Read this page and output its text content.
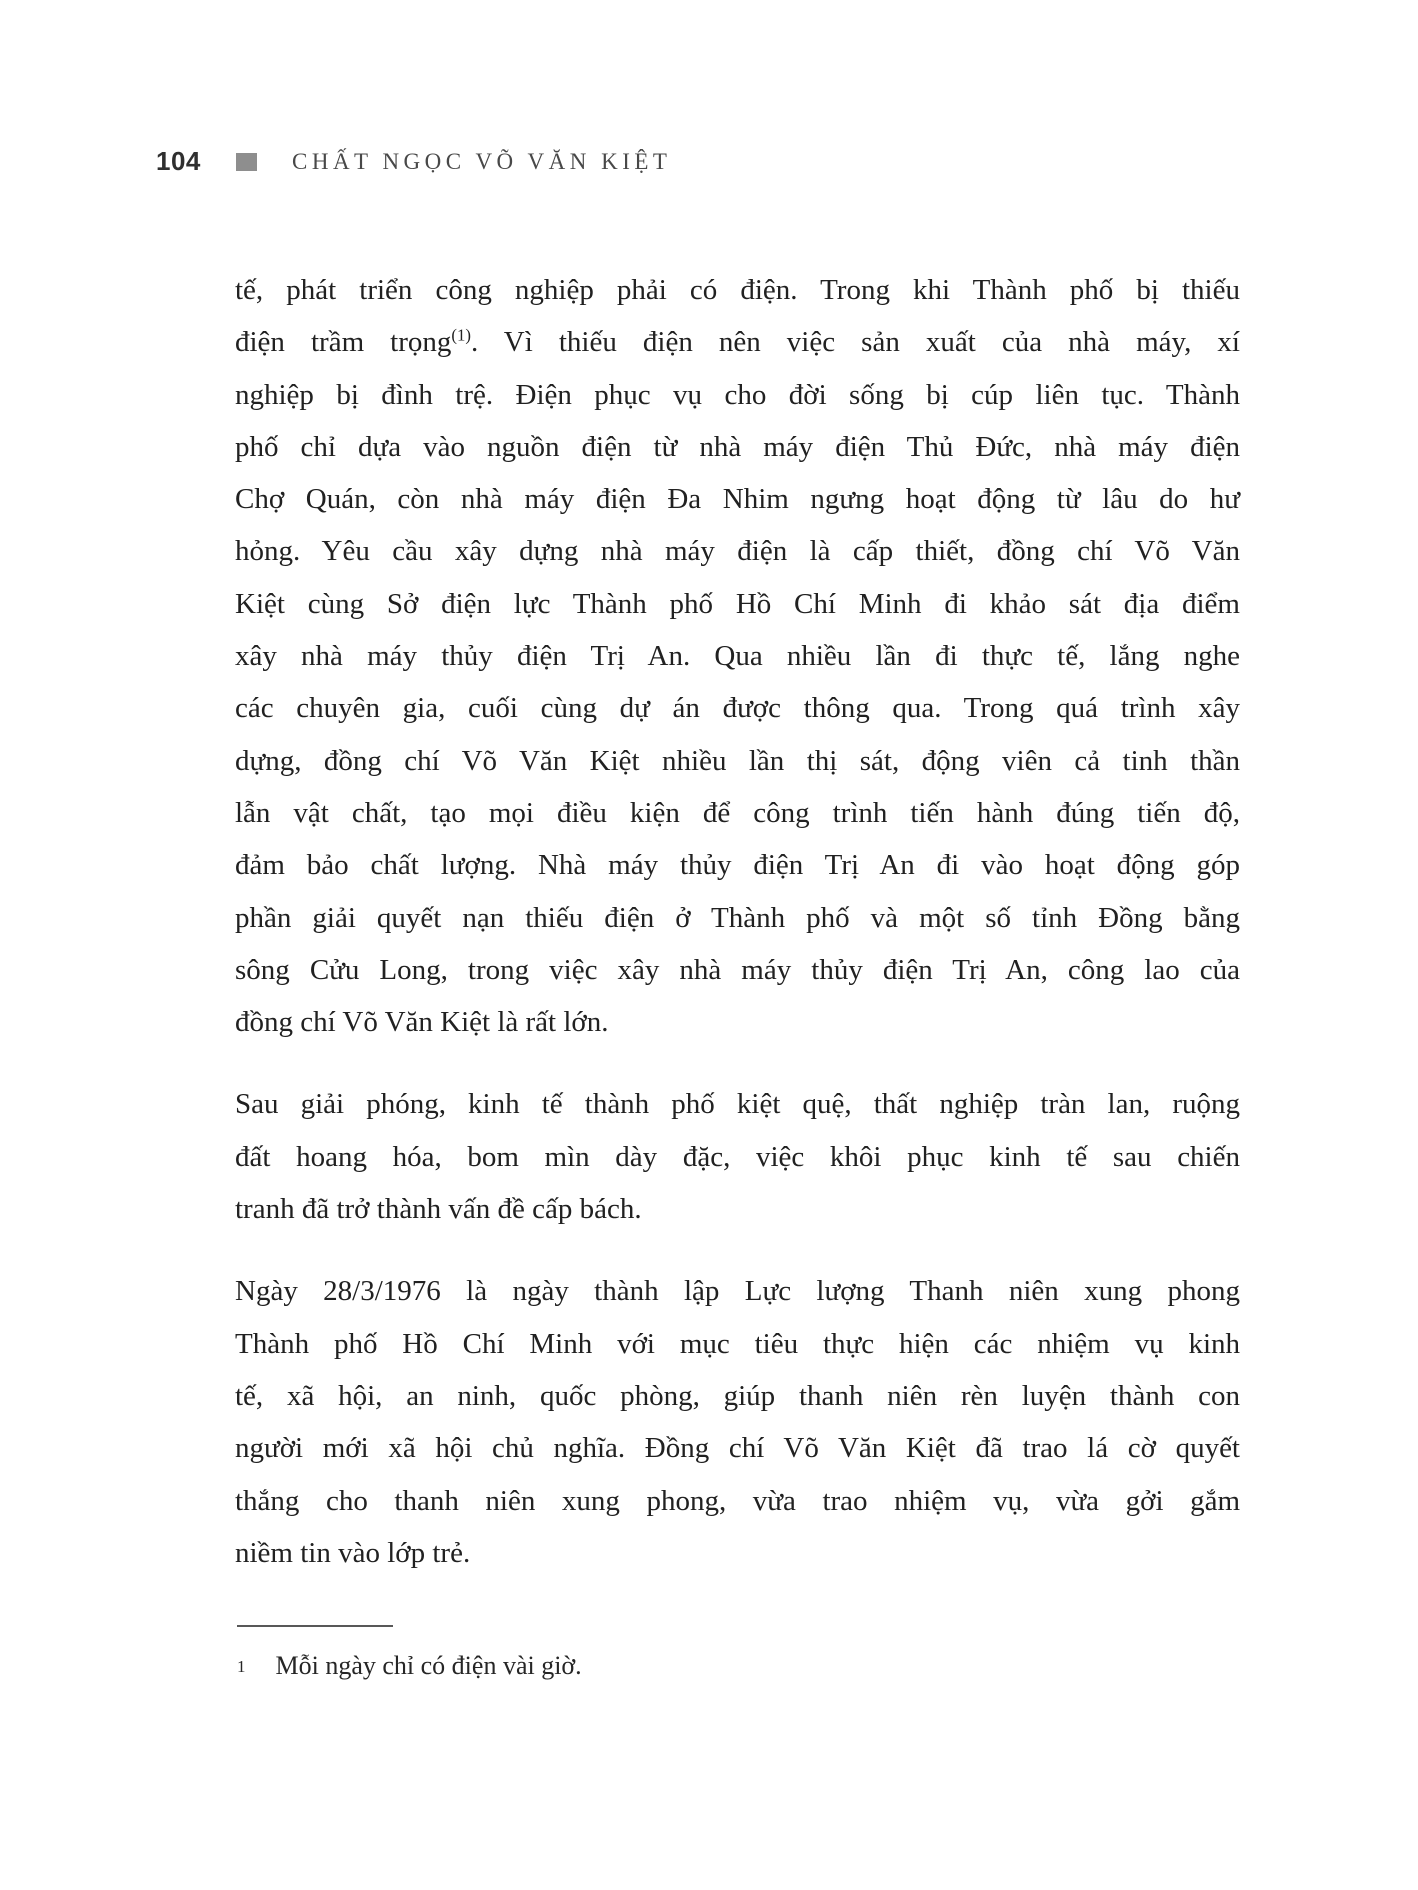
104	CHẤT NGỌC VÕ VĂN KIỆT
tế, phát triển công nghiệp phải có điện. Trong khi Thành phố bị thiếu
điện trầm trọng$^{(1)}$. Vì thiếu điện nên việc sản xuất của nhà máy, xí
nghiệp bị đình trệ. Điện phục vụ cho đời sống bị cúp liên tục. Thành
phố chỉ dựa vào nguồn điện từ nhà máy điện Thủ Đức, nhà máy điện
Chợ Quán, còn nhà máy điện Đa Nhim ngưng hoạt động từ lâu do hư
hỏng. Yêu cầu xây dựng nhà máy điện là cấp thiết, đồng chí Võ Văn
Kiệt cùng Sở điện lực Thành phố Hồ Chí Minh đi khảo sát địa điểm
xây nhà máy thủy điện Trị An. Qua nhiều lần đi thực tế, lắng nghe
các chuyên gia, cuối cùng dự án được thông qua. Trong quá trình xây
dựng, đồng chí Võ Văn Kiệt nhiều lần thị sát, động viên cả tinh thần
lẫn vật chất, tạo mọi điều kiện để công trình tiến hành đúng tiến độ,
đảm bảo chất lượng. Nhà máy thủy điện Trị An đi vào hoạt động góp
phần giải quyết nạn thiếu điện ở Thành phố và một số tỉnh Đồng bằng
sông Cửu Long, trong việc xây nhà máy thủy điện Trị An, công lao của
đồng chí Võ Văn Kiệt là rất lớn.
Sau giải phóng, kinh tế thành phố kiệt quệ, thất nghiệp tràn lan, ruộng
đất hoang hóa, bom mìn dày đặc, việc khôi phục kinh tế sau chiến
tranh đã trở thành vấn đề cấp bách.
Ngày 28/3/1976 là ngày thành lập Lực lượng Thanh niên xung phong
Thành phố Hồ Chí Minh với mục tiêu thực hiện các nhiệm vụ kinh
tế, xã hội, an ninh, quốc phòng, giúp thanh niên rèn luyện thành con
người mới xã hội chủ nghĩa. Đồng chí Võ Văn Kiệt đã trao lá cờ quyết
thắng cho thanh niên xung phong, vừa trao nhiệm vụ, vừa gởi gắm
niềm tin vào lớp trẻ.
1 Mỗi ngày chỉ có điện vài giờ.
